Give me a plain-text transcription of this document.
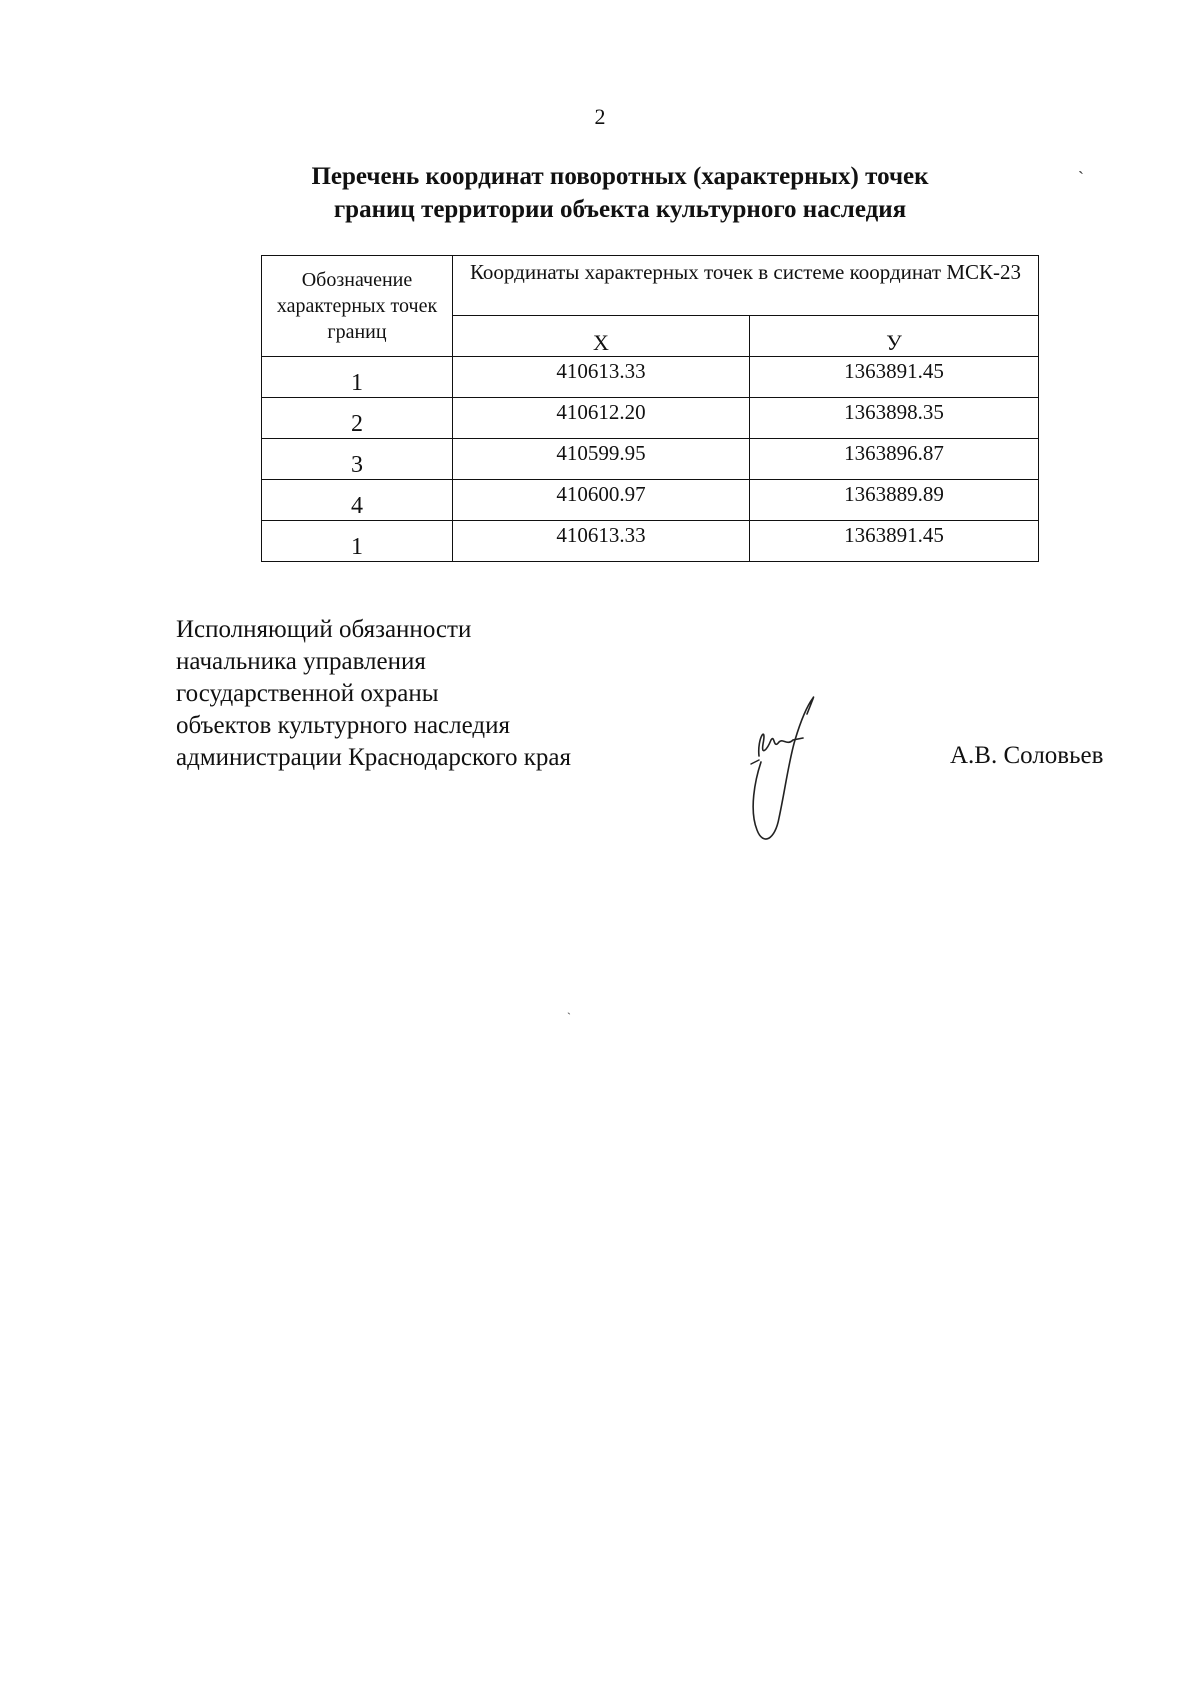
2
`
Перечень координат поворотных (характерных) точек
границ территории объекта культурного наследия
Обозначение характерных точек границ	Координаты характерных точек в системе координат МСК-23	
	X	У
1	410613.33	1363891.45
2	410612.20	1363898.35
3	410599.95	1363896.87
4	410600.97	1363889.89
1	410613.33	1363891.45
Исполняющий обязанности
начальника управления
государственной охраны
объектов культурного наследия
администрации Краснодарского края	А.В. Соловьев
`
